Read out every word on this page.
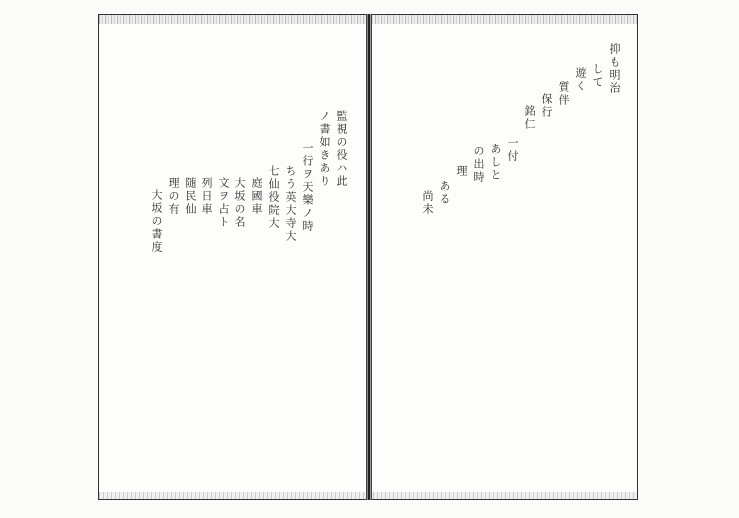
監視の役ハ此
ノ書如きあり
一行ヲ天樂ノ時
ちう英大寺大
七仙役院大
庭國車
大坂の名
文ヲ占ト
列日車
随民仙
理の有
大坂の書度
抑も明治
して
遊く
質伴
保行
銘仁
一付
あしと
の出時
理
ある
尚未
